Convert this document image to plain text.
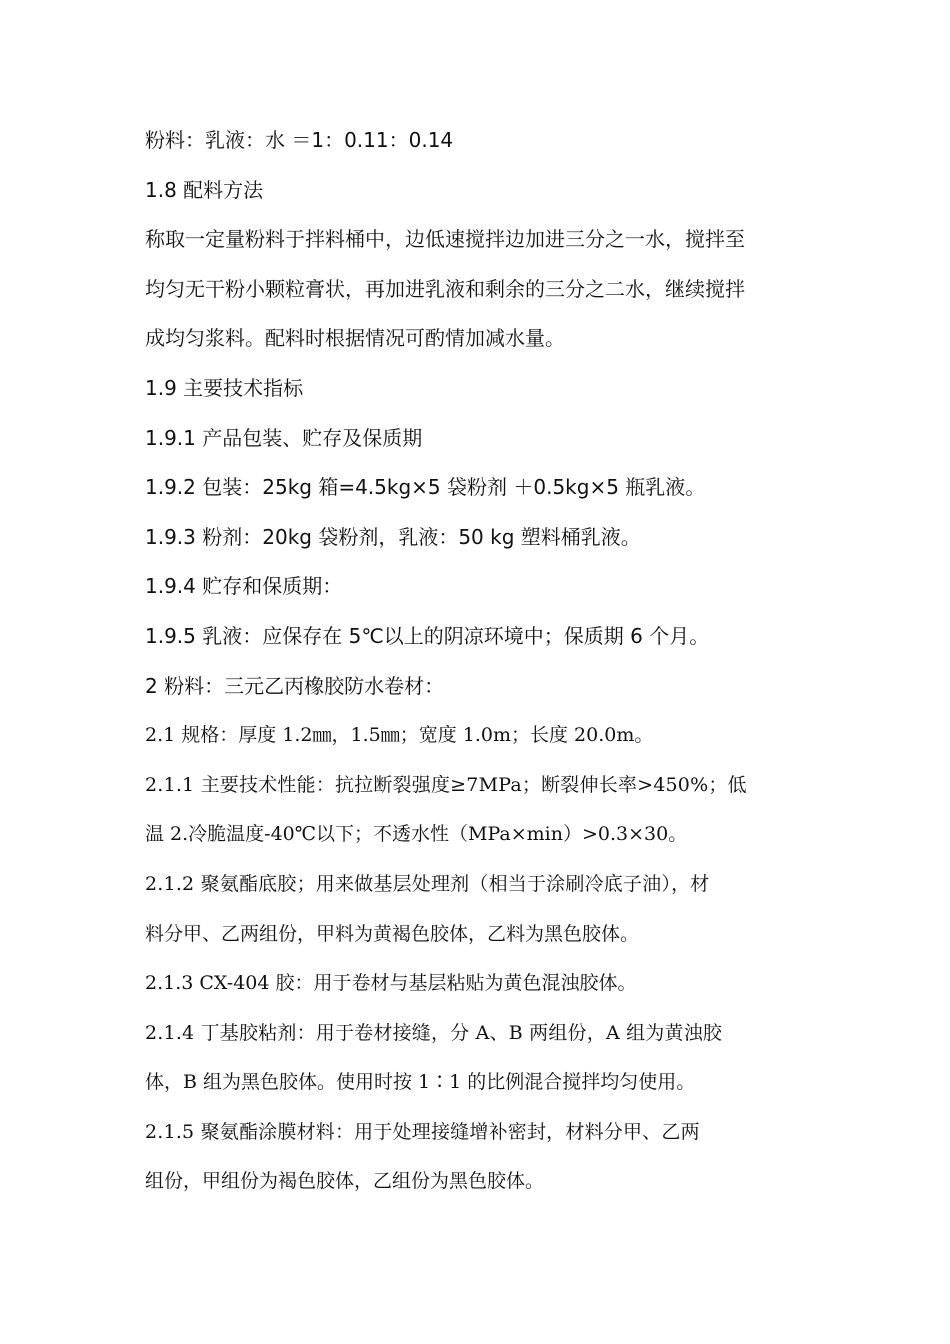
粉料：乳液：水 ＝1：0.11：0.14
1.8 配料方法
称取一定量粉料于拌料桶中，边低速搅拌边加进三分之一水，搅拌至
均匀无干粉小颗粒膏状，再加进乳液和剩余的三分之二水，继续搅拌
成均匀浆料。配料时根据情况可酌情加减水量。
1.9 主要技术指标
1.9.1 产品包装、贮存及保质期
1.9.2 包装：25kg 箱=4.5kg×5 袋粉剂 ＋0.5kg×5 瓶乳液。
1.9.3 粉剂：20kg 袋粉剂，乳液：50 kg 塑料桶乳液。
1.9.4 贮存和保质期：
1.9.5 乳液：应保存在 5℃以上的阴凉环境中；保质期 6 个月。
2 粉料：三元乙丙橡胶防水卷材：
2.1 规格：厚度 1.2㎜，1.5㎜；宽度 1.0m；长度 20.0m。
2.1.1 主要技术性能：抗拉断裂强度≥7MPa；断裂伸长率>450%；低
温 2.冷脆温度-40℃以下；不透水性（MPa×min）>0.3×30。
2.1.2 聚氨酯底胶；用来做基层处理剂（相当于涂刷冷底子油），材
料分甲、乙两组份，甲料为黄褐色胶体，乙料为黑色胶体。
2.1.3 CX-404 胶：用于卷材与基层粘贴为黄色混浊胶体。
2.1.4 丁基胶粘剂：用于卷材接缝，分 A、B 两组份，A 组为黄浊胶
体，B 组为黑色胶体。使用时按 1∶1 的比例混合搅拌均匀使用。
2.1.5 聚氨酯涂膜材料：用于处理接缝增补密封，材料分甲、乙两
组份，甲组份为褐色胶体，乙组份为黑色胶体。
